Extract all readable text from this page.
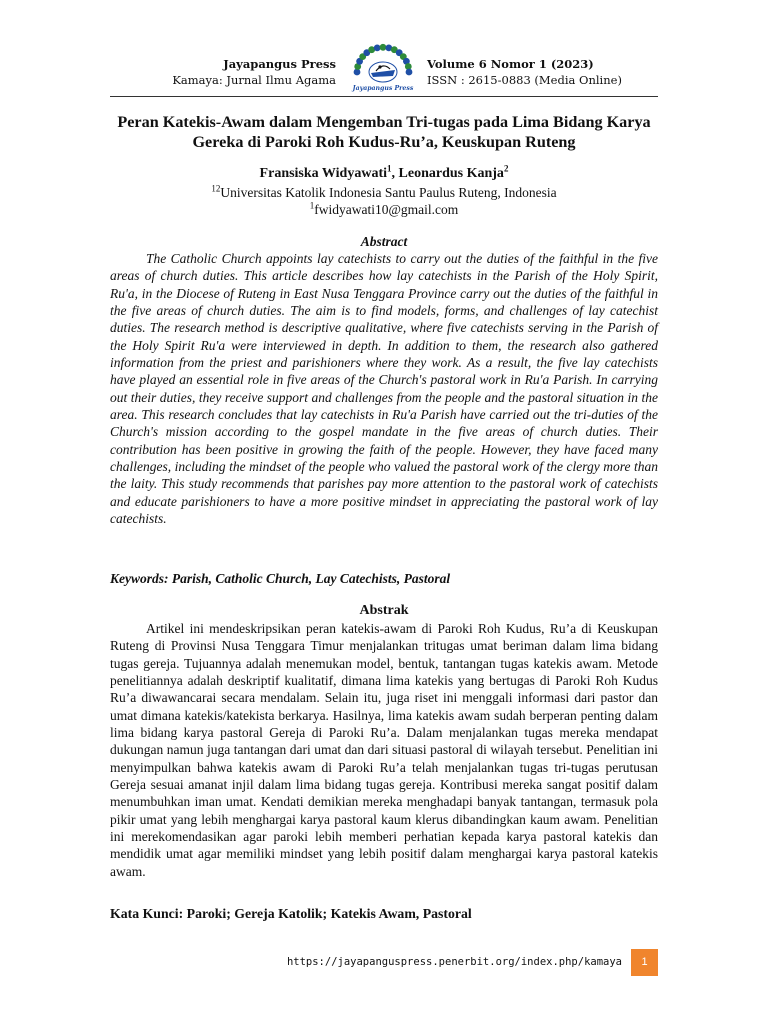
Jayapangus Press
Kamaya: Jurnal Ilmu Agama
Jayapangus Press
Volume 6 Nomor 1 (2023)
ISSN : 2615-0883 (Media Online)
Peran Katekis-Awam dalam Mengemban Tri-tugas pada Lima Bidang Karya Gereka di Paroki Roh Kudus-Ru’a, Keuskupan Ruteng
Fransiska Widyawati$^1$, Leonardus Kanja$^2$
$^{12}$Universitas Katolik Indonesia Santu Paulus Ruteng, Indonesia
$^1$fwidyawati10@gmail.com
Abstract

The Catholic Church appoints lay catechists to carry out the duties of the faithful in the five areas of church duties. This article describes how lay catechists in the Parish of the Holy Spirit, Ru'a, in the Diocese of Ruteng in East Nusa Tenggara Province carry out the duties of the faithful in the five areas of church duties. The aim is to find models, forms, and challenges of lay catechist duties. The research method is descriptive qualitative, where five catechists serving in the Parish of the Holy Spirit Ru'a were interviewed in depth. In addition to them, the research also gathered information from the priest and parishioners where they work. As a result, the five lay catechists have played an essential role in five areas of the Church's pastoral work in Ru'a Parish. In carrying out their duties, they receive support and challenges from the people and the pastoral situation in the area. This research concludes that lay catechists in Ru'a Parish have carried out the tri-duties of the Church's mission according to the gospel mandate in the five areas of church duties. Their contribution has been positive in growing the faith of the people. However, they have faced many challenges, including the mindset of the people who valued the pastoral work of the clergy more than the laity. This study recommends that parishes pay more attention to the pastoral work of catechists and educate parishioners to have a more positive mindset in appreciating the pastoral work of lay catechists.

Keywords: Parish, Catholic Church, Lay Catechists, Pastoral
Abstrak

Artikel ini mendeskripsikan peran katekis-awam di Paroki Roh Kudus, Ru’a di Keuskupan Ruteng di Provinsi Nusa Tenggara Timur menjalankan tritugas umat beriman dalam lima bidang tugas gereja. Tujuannya adalah menemukan model, bentuk, tantangan tugas katekis awam. Metode penelitiannya adalah deskriptif kualitatif, dimana lima katekis yang bertugas di Paroki Roh Kudus Ru’a diwawancarai secara mendalam. Selain itu, juga riset ini menggali informasi dari pastor dan umat dimana katekis/katekista berkarya. Hasilnya, lima katekis awam sudah berperan penting dalam lima bidang karya pastoral Gereja di Paroki Ru’a. Dalam menjalankan tugas mereka mendapat dukungan namun juga tantangan dari umat dan dari situasi pastoral di wilayah tersebut. Penelitian ini menyimpulkan bahwa katekis awam di Paroki Ru’a telah menjalankan tugas tri-tugas perutusan Gereja sesuai amanat injil dalam lima bidang tugas gereja. Kontribusi mereka sangat positif dalam menumbuhkan iman umat. Kendati demikian mereka menghadapi banyak tantangan, termasuk pola pikir umat yang lebih menghargai karya pastoral kaum klerus dibandingkan kaum awam. Penelitian ini merekomendasikan agar paroki lebih memberi perhatian kepada karya pastoral katekis dan mendidik umat agar memiliki mindset yang lebih positif dalam menghargai karya pastoral katekis awam.

Kata Kunci: Paroki; Gereja Katolik; Katekis Awam, Pastoral
https://jayapanguspress.penerbit.org/index.php/kamaya	1
